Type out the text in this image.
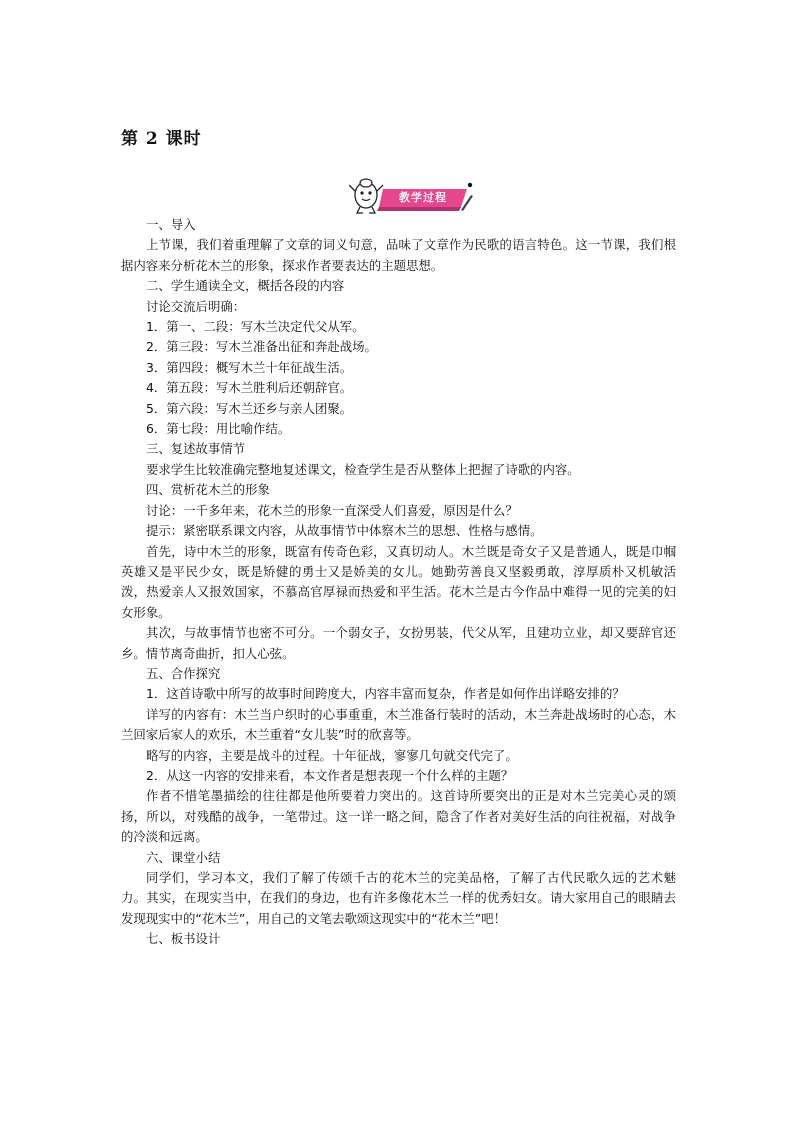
第 2 课时
教学过程

一、导入

上节课，我们着重理解了文章的词义句意，品味了文章作为民歌的语言特色。这一节课，我们根据内容来分析花木兰的形象，探求作者要表达的主题思想。

二、学生通读全文，概括各段的内容

讨论交流后明确：

1．第一、二段：写木兰决定代父从军。

2．第三段：写木兰准备出征和奔赴战场。

3．第四段：概写木兰十年征战生活。

4．第五段：写木兰胜利后还朝辞官。

5．第六段：写木兰还乡与亲人团聚。

6．第七段：用比喻作结。

三、复述故事情节

要求学生比较准确完整地复述课文，检查学生是否从整体上把握了诗歌的内容。

四、赏析花木兰的形象

讨论：一千多年来，花木兰的形象一直深受人们喜爱，原因是什么？

提示：紧密联系课文内容，从故事情节中体察木兰的思想、性格与感情。

首先，诗中木兰的形象，既富有传奇色彩，又真切动人。木兰既是奇女子又是普通人，既是巾帼英雄又是平民少女，既是矫健的勇士又是娇美的女儿。她勤劳善良又坚毅勇敢，淳厚质朴又机敏活泼，热爱亲人又报效国家，不慕高官厚禄而热爱和平生活。花木兰是古今作品中难得一见的完美的妇女形象。

其次，与故事情节也密不可分。一个弱女子，女扮男装，代父从军，且建功立业，却又要辞官还乡。情节离奇曲折，扣人心弦。

五、合作探究

1．这首诗歌中所写的故事时间跨度大，内容丰富而复杂，作者是如何作出详略安排的？

详写的内容有：木兰当户织时的心事重重，木兰准备行装时的活动，木兰奔赴战场时的心态，木兰回家后家人的欢乐，木兰重着“女儿装”时的欣喜等。

略写的内容，主要是战斗的过程。十年征战，寥寥几句就交代完了。

2．从这一内容的安排来看，本文作者是想表现一个什么样的主题？

作者不惜笔墨描绘的往往都是他所要着力突出的。这首诗所要突出的正是对木兰完美心灵的颂扬，所以，对残酷的战争，一笔带过。这一详一略之间，隐含了作者对美好生活的向往祝福，对战争的冷淡和远离。

六、课堂小结

同学们，学习本文，我们了解了传颂千古的花木兰的完美品格，了解了古代民歌久远的艺术魅力。其实，在现实当中，在我们的身边，也有许多像花木兰一样的优秀妇女。请大家用自己的眼睛去发现现实中的“花木兰”，用自己的文笔去歌颂这现实中的“花木兰”吧！

七、板书设计
